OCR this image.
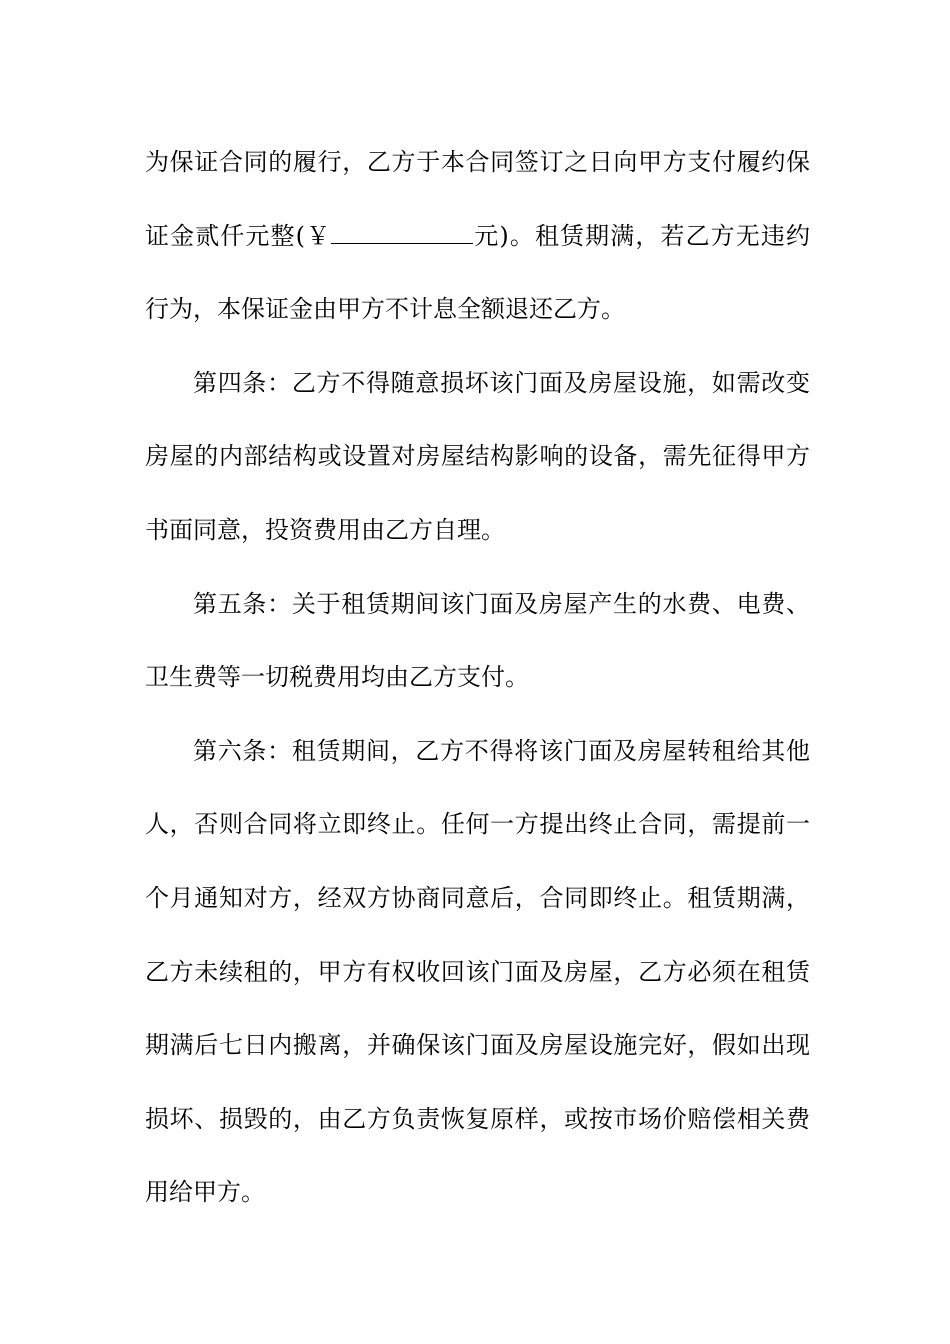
为保证合同的履行，乙方于本合同签订之日向甲方支付履约保
证金贰仟元整(￥	元)。租赁期满，若乙方无违约
行为，本保证金由甲方不计息全额退还乙方。
第四条：乙方不得随意损坏该门面及房屋设施，如需改变
房屋的内部结构或设置对房屋结构影响的设备，需先征得甲方
书面同意，投资费用由乙方自理。
第五条：关于租赁期间该门面及房屋产生的水费、电费、
卫生费等一切税费用均由乙方支付。
第六条：租赁期间，乙方不得将该门面及房屋转租给其他
人，否则合同将立即终止。任何一方提出终止合同，需提前一
个月通知对方，经双方协商同意后，合同即终止。租赁期满，
乙方未续租的，甲方有权收回该门面及房屋，乙方必须在租赁
期满后七日内搬离，并确保该门面及房屋设施完好，假如出现
损坏、损毁的，由乙方负责恢复原样，或按市场价赔偿相关费
用给甲方。
